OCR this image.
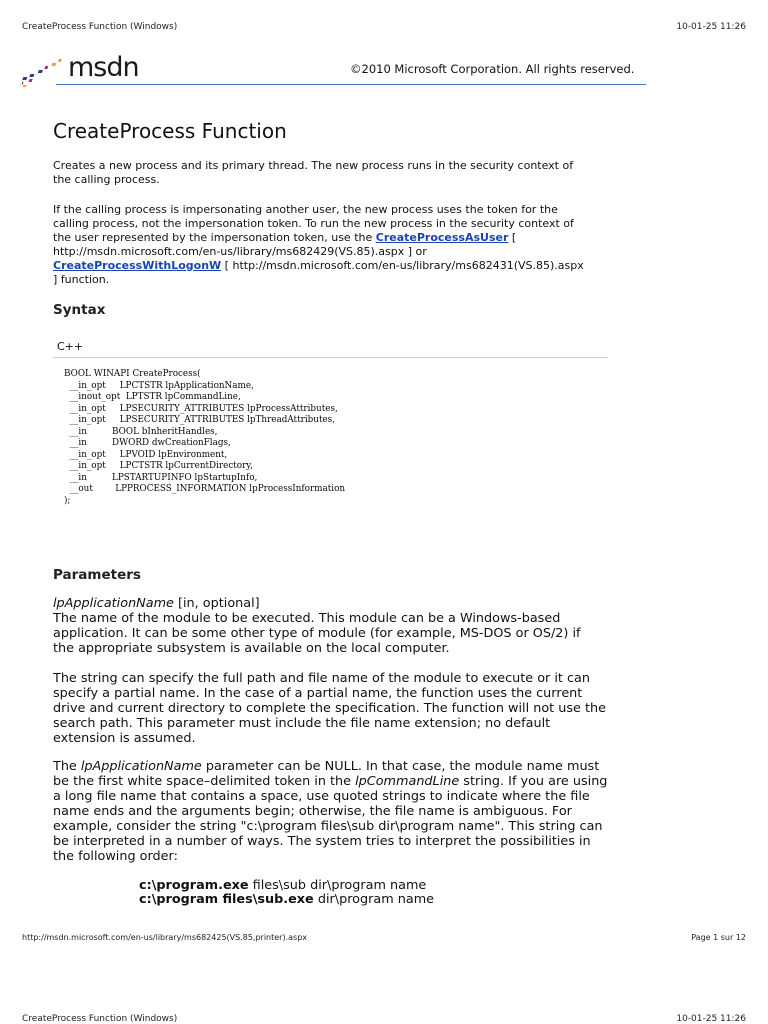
CreateProcess Function (Windows)	10-01-25 11:26
msdn	©2010 Microsoft Corporation. All rights reserved.
CreateProcess Function
Creates a new process and its primary thread. The new process runs in the security context of
the calling process.
If the calling process is impersonating another user, the new process uses the token for the
calling process, not the impersonation token. To run the new process in the security context of
the user represented by the impersonation token, use the CreateProcessAsUser [
http://msdn.microsoft.com/en-us/library/ms682429(VS.85).aspx ] or
CreateProcessWithLogonW [ http://msdn.microsoft.com/en-us/library/ms682431(VS.85).aspx
] function.
Syntax
C++
BOOL WINAPI CreateProcess(
__in_opt     LPCTSTR lpApplicationName,
__inout_opt  LPTSTR lpCommandLine,
__in_opt     LPSECURITY_ATTRIBUTES lpProcessAttributes,
__in_opt     LPSECURITY_ATTRIBUTES lpThreadAttributes,
__in         BOOL bInheritHandles,
__in         DWORD dwCreationFlags,
__in_opt     LPVOID lpEnvironment,
__in_opt     LPCTSTR lpCurrentDirectory,
__in         LPSTARTUPINFO lpStartupInfo,
__out        LPPROCESS_INFORMATION lpProcessInformation
);
Parameters
lpApplicationName [in, optional]
The name of the module to be executed. This module can be a Windows-based
application. It can be some other type of module (for example, MS-DOS or OS/2) if
the appropriate subsystem is available on the local computer.
The string can specify the full path and file name of the module to execute or it can
specify a partial name. In the case of a partial name, the function uses the current
drive and current directory to complete the specification. The function will not use the
search path. This parameter must include the file name extension; no default
extension is assumed.
The lpApplicationName parameter can be NULL. In that case, the module name must
be the first white space–delimited token in the lpCommandLine string. If you are using
a long file name that contains a space, use quoted strings to indicate where the file
name ends and the arguments begin; otherwise, the file name is ambiguous. For
example, consider the string "c:\program files\sub dir\program name". This string can
be interpreted in a number of ways. The system tries to interpret the possibilities in
the following order:
c:\program.exe files\sub dir\program name
c:\program files\sub.exe dir\program name
http://msdn.microsoft.com/en-us/library/ms682425(VS.85,printer).aspx	Page 1 sur 12
CreateProcess Function (Windows)	10-01-25 11:26
